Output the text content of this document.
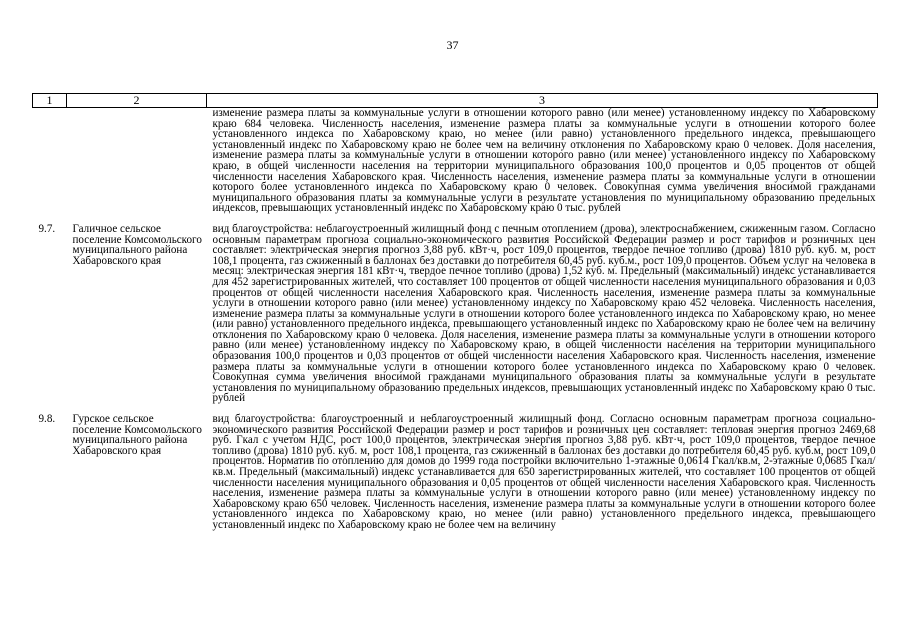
37
1	2	3
		изменение размера платы за коммунальные услуги в отношении которого равно (или менее) установленному индексу по Хабаровскому краю 684 человека. Численность населения, изменение размера платы за коммунальные услуги в отношении которого более установленного индекса по Хабаровскому краю, но менее (или равно) установленного предельного индекса, превышающего установленный индекс по Хабаровскому краю не более чем на величину отклонения по Хабаровскому краю 0 человек. Доля населения, изменение размера платы за коммунальные услуги в отношении которого равно (или менее) установленного индексу по Хабаровскому краю, в общей численности населения на территории муниципального образования 100,0 процентов и 0,05 процентов от общей численности населения Хабаровского края. Численность населения, изменение размера платы за коммунальные услуги в отношении которого более установленного индекса по Хабаровскому краю 0 человек. Совокупная сумма увеличения вносимой гражданами муниципального образования платы за коммунальные услуги в результате установления по муниципальному образованию предельных индексов, превышающих установленный индекс по Хабаровскому краю 0 тыс. рублей
9.7.	Галичное сельское поселение Комсомольского муниципального района Хабаровского края	вид благоустройства: неблагоустроенный жилищный фонд с печным отоплением (дрова), электроснабжением, сжиженным газом. Согласно основным параметрам прогноза социально-экономического развития Российской Федерации размер и рост тарифов и розничных цен составляет: электрическая энергия прогноз 3,88 руб. кВт·ч, рост 109,0 процентов, твердое печное топливо (дрова) 1810 руб. куб. м, рост 108,1 процента, газ сжиженный в баллонах без доставки до потребителя 60,45 руб. куб.м., рост 109,0 процентов. Объем услуг на человека в месяц: электрическая энергия 181 кВт·ч, твердое печное топливо (дрова) 1,52 куб. м. Предельный (максимальный) индекс устанавливается для 452 зарегистрированных жителей, что составляет 100 процентов от общей численности населения муниципального образования и 0,03 процентов от общей численности населения Хабаровского края. Численность населения, изменение размера платы за коммунальные услуги в отношении которого равно (или менее) установленному индексу по Хабаровскому краю 452 человека. Численность населения, изменение размера платы за коммунальные услуги в отношении которого более установленного индекса по Хабаровскому краю, но менее (или равно) установленного предельного индекса, превышающего установленный индекс по Хабаровскому краю не более чем на величину отклонения по Хабаровскому краю 0 человека. Доля населения, изменение размера платы за коммунальные услуги в отношении которого равно (или менее) установленному индексу по Хабаровскому краю, в общей численности населения на территории муниципального образования 100,0 процентов и 0,03 процентов от общей численности населения Хабаровского края. Численность населения, изменение размера платы за коммунальные услуги в отношении которого более установленного индекса по Хабаровскому краю 0 человек. Совокупная сумма увеличения вносимой гражданами муниципального образования платы за коммунальные услуги в результате установления по муниципальному образованию предельных индексов, превышающих установленный индекс по Хабаровскому краю 0 тыс. рублей
9.8.	Гурское сельское поселение Комсомольского муниципального района Хабаровского края	вид благоустройства: благоустроенный и неблагоустроенный жилищный фонд. Согласно основным параметрам прогноза социально-экономического развития Российской Федерации размер и рост тарифов и розничных цен составляет: тепловая энергия прогноз 2469,68 руб. Гкал с учетом НДС, рост 100,0 процентов, электрическая энергия прогноз 3,88 руб. кВт·ч, рост 109,0 процентов, твердое печное топливо (дрова) 1810 руб. куб. м, рост 108,1 процента, газ сжиженный в баллонах без доставки до потребителя 60,45 руб. куб.м, рост 109,0 процентов. Норматив по отоплению для домов до 1999 года постройки включительно 1-этажные 0,0614 Гкал/кв.м, 2-этажные 0,0685 Гкал/кв.м. Предельный (максимальный) индекс устанавливается для 650 зарегистрированных жителей, что составляет 100 процентов от общей численности населения муниципального образования и 0,05 процентов от общей численности населения Хабаровского края. Численность населения, изменение размера платы за коммунальные услуги в отношении которого равно (или менее) установленному индексу по Хабаровскому краю 650 человек. Численность населения, изменение размера платы за коммунальные услуги в отношении которого более установленного индекса по Хабаровскому краю, но менее (или равно) установленного предельного индекса, превышающего установленный индекс по Хабаровскому краю не более чем на величину
